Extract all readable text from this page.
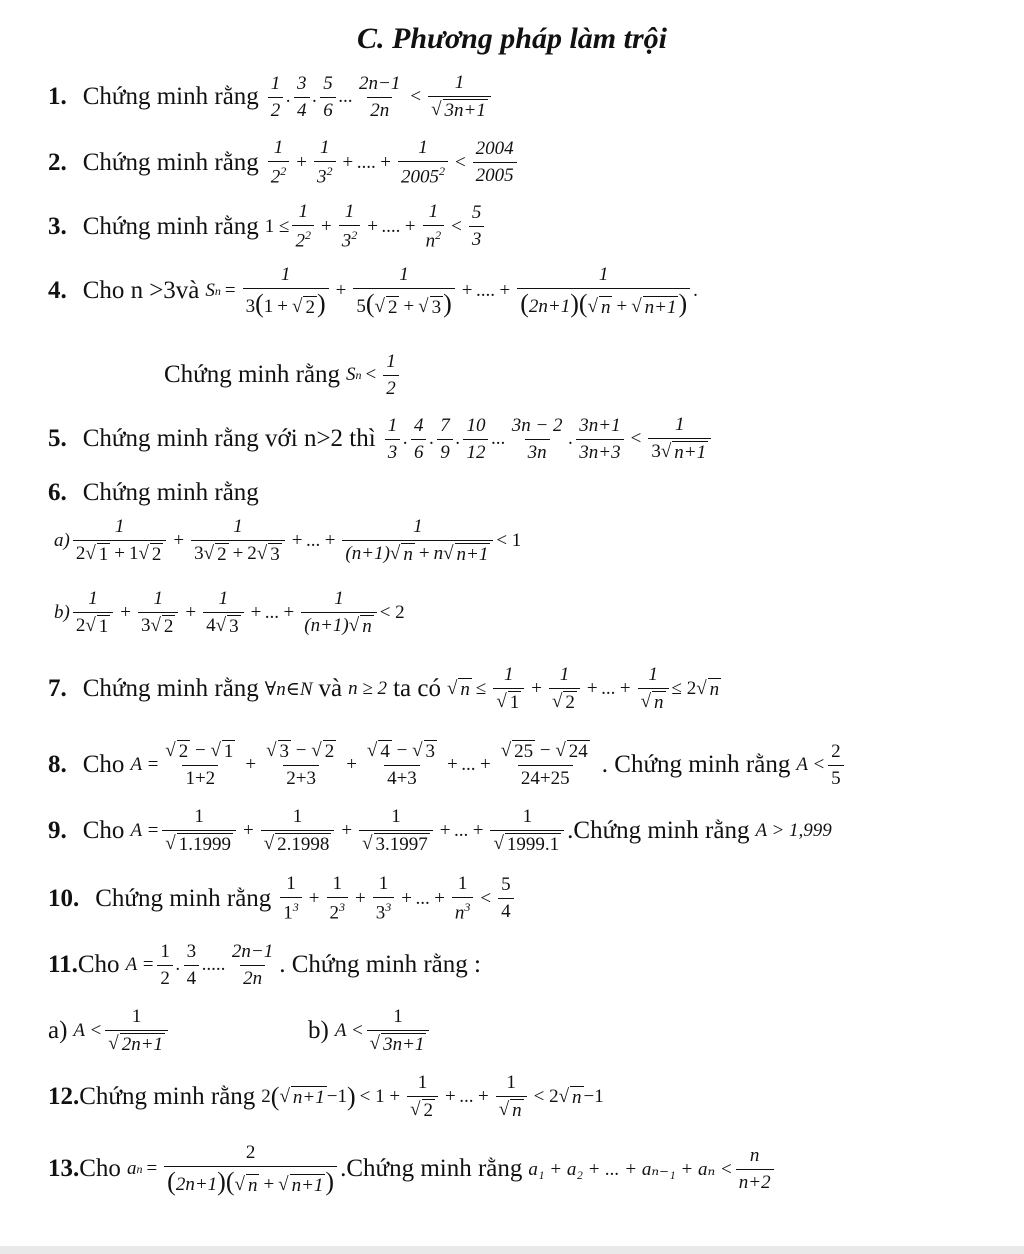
C. Phương pháp làm trội
1. Chứng minh rằng $\frac{1}{2}$ . $\frac{3}{4}$ . $\frac{5}{6}$ ... $\frac{2n-1}{2n} < \frac{1}{√ 3n+1}$
2. Chứng minh rằng $\frac{1}{2^2} + \frac{1}{3^2}$ + .... + $\frac{1}{2005^2} < \frac{2004}{2005}$
3. Chứng minh rằng $1 \le \frac{1}{2^2} + \frac{1}{3^2}$ + .... + $\frac{1}{n^2} < \frac{5}{3}$
4. Cho n >3và S $n = \frac{1}{3(1 + √ 2 )} + \frac{1}{5( √ 2 + √ 3 )}$ + .... + $\frac{1}{(2n+1)( √ n + √ n+1 )}$ .
Chứng minh rằng S $n < \frac{1}{2}$
5. Chứng minh rằng với n>2 thì $\frac{1}{3}$ . $\frac{4}{6}$ . $\frac{7}{9}$ . $\frac{10}{12}$ ... $\frac{3n - 2}{3n}$ . $\frac{3n+1}{3n+3} < \frac{1}{3 √ n+1}$
6. Chứng minh rằng
$a) \frac{1}{2 √ 1 + 1 √ 2} + \frac{1}{3 √ 2 + 2 √ 3}$ + ... + $\frac{1}{(n+1) √ n + n √ n+1} < 1$
$b) \frac{1}{2 √ 1} + \frac{1}{3 √ 2} + \frac{1}{4 √ 3}$ + ... + $\frac{1}{(n+1) √ n} < 2$
7. Chứng minh rằng ∀n∈N và n ≥ 2 ta có √ $n \le \frac{1}{√ 1} + \frac{1}{√ 2}$ + ... + $\frac{1}{√ n} \le 2$ √ n
8. Cho $A = \frac{√ 2 - √ 1}{1+2} + \frac{√ 3 - √ 2}{2+3} + \frac{√ 4 - √ 3}{4+3}$ + ... + $\frac{√ 25 - √ 24}{24+25}$ . Chứng minh rằng $A < \frac{2}{5}$
9. Cho $A = \frac{1}{√ 1.1999} + \frac{1}{√ 2.1998} + \frac{1}{√ 3.1997}$ + ... + $\frac{1}{√ 1999.1}$ .Chứng minh rằng A > 1,999
10. Chứng minh rằng $\frac{1}{1^3} + \frac{1}{2^3} + \frac{1}{3^3}$ + ... + $\frac{1}{n^3} < \frac{5}{4}$
11. Cho $A = \frac{1}{2}$ . $\frac{3}{4}$ ..... $\frac{2n-1}{2n}$ . Chứng minh rằng :
a) $A < \frac{1}{√ 2n+1}$	b) $A < \frac{1}{√ 3n+1}$
12. Chứng minh rằng 2 ( √ n+1 −1 ) < $1 + \frac{1}{√ 2}$ + ... + $\frac{1}{√ n} < 2$ √ n −1
13. Cho a $n = \frac{2}{(2n+1)( √ n + √ n+1 )}$ .Chứng minh rằng a₁ + a₂ + ... + $a_{n-1} + a_n < \frac{n}{n+2}$
